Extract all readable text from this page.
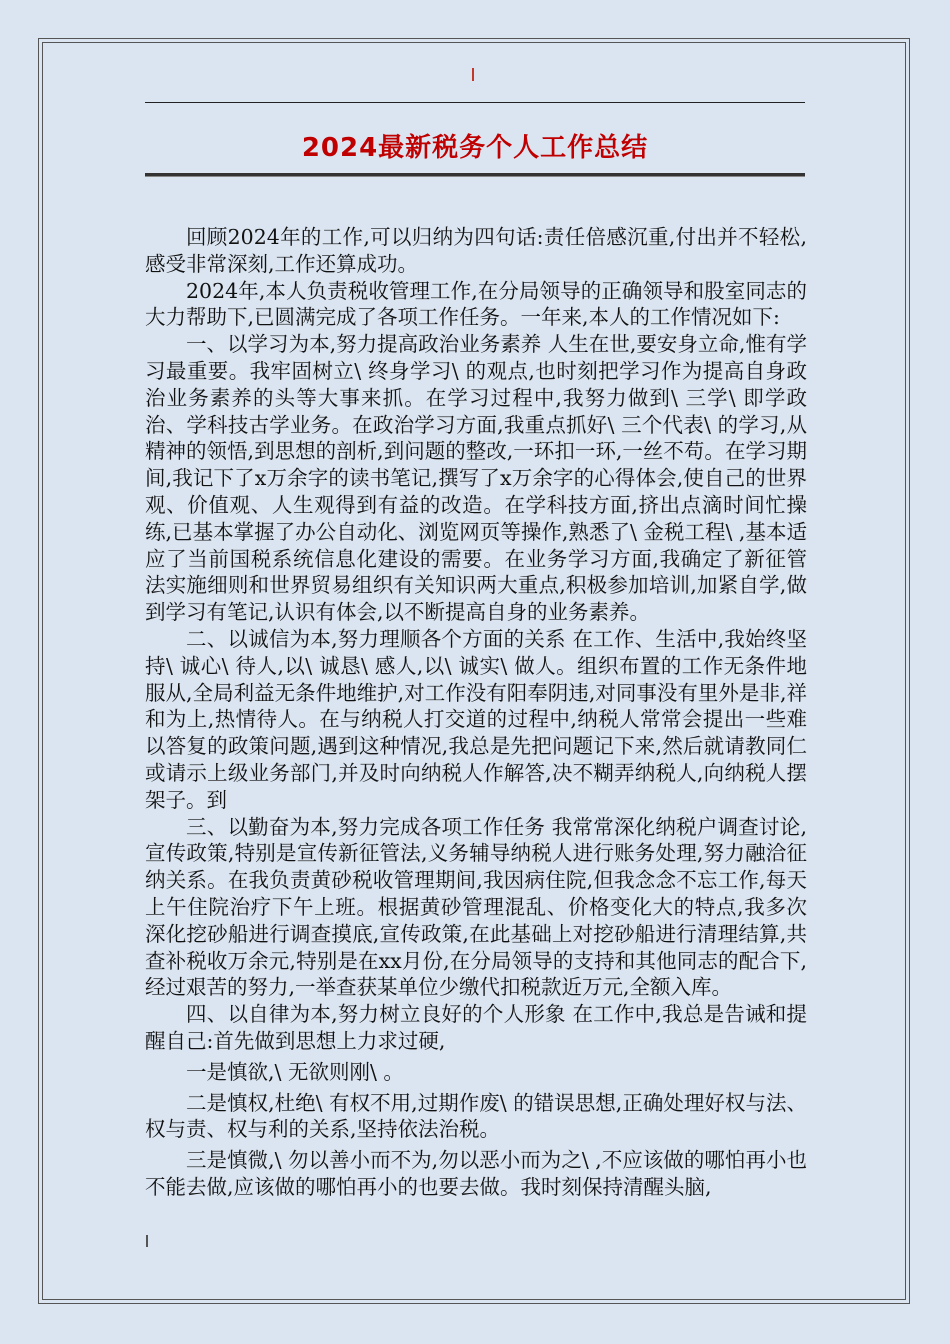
2024最新税务个人工作总结

回顾2024年的工作,可以归纳为四句话:责任倍感沉重,付出并不轻松,感受非常深刻,工作还算成功。

2024年,本人负责税收管理工作,在分局领导的正确领导和股室同志的大力帮助下,已圆满完成了各项工作任务。一年来,本人的工作情况如下:

一、以学习为本,努力提高政治业务素养 人生在世,要安身立命,惟有学习最重要。我牢固树立\ 终身学习\ 的观点,也时刻把学习作为提高自身政治业务素养的头等大事来抓。在学习过程中,我努力做到\ 三学\ 即学政治、学科技古学业务。在政治学习方面,我重点抓好\ 三个代表\ 的学习,从精神的领悟,到思想的剖析,到问题的整改,一环扣一环,一丝不苟。在学习期间,我记下了x万余字的读书笔记,撰写了x万余字的心得体会,使自己的世界观、价值观、人生观得到有益的改造。在学科技方面,挤出点滴时间忙操练,已基本掌握了办公自动化、浏览网页等操作,熟悉了\ 金税工程\ ,基本适应了当前国税系统信息化建设的需要。在业务学习方面,我确定了新征管法实施细则和世界贸易组织有关知识两大重点,积极参加培训,加紧自学,做到学习有笔记,认识有体会,以不断提高自身的业务素养。

二、以诚信为本,努力理顺各个方面的关系 在工作、生活中,我始终坚持\ 诚心\ 待人,以\ 诚恳\ 感人,以\ 诚实\ 做人。组织布置的工作无条件地服从,全局利益无条件地维护,对工作没有阳奉阴违,对同事没有里外是非,祥和为上,热情待人。在与纳税人打交道的过程中,纳税人常常会提出一些难以答复的政策问题,遇到这种情况,我总是先把问题记下来,然后就请教同仁或请示上级业务部门,并及时向纳税人作解答,决不糊弄纳税人,向纳税人摆架子。到

三、以勤奋为本,努力完成各项工作任务 我常常深化纳税户调查讨论,宣传政策,特别是宣传新征管法,义务辅导纳税人进行账务处理,努力融洽征纳关系。在我负责黄砂税收管理期间,我因病住院,但我念念不忘工作,每天上午住院治疗下午上班。根据黄砂管理混乱、价格变化大的特点,我多次深化挖砂船进行调查摸底,宣传政策,在此基础上对挖砂船进行清理结算,共查补税收万余元,特别是在xx月份,在分局领导的支持和其他同志的配合下,经过艰苦的努力,一举查获某单位少缴代扣税款近万元,全额入库。

四、以自律为本,努力树立良好的个人形象 在工作中,我总是告诫和提醒自己:首先做到思想上力求过硬,

一是慎欲,\ 无欲则刚\ 。

二是慎权,杜绝\ 有权不用,过期作废\ 的错误思想,正确处理好权与法、权与责、权与利的关系,坚持依法治税。

三是慎微,\ 勿以善小而不为,勿以恶小而为之\ ,不应该做的哪怕再小也不能去做,应该做的哪怕再小的也要去做。我时刻保持清醒头脑,
